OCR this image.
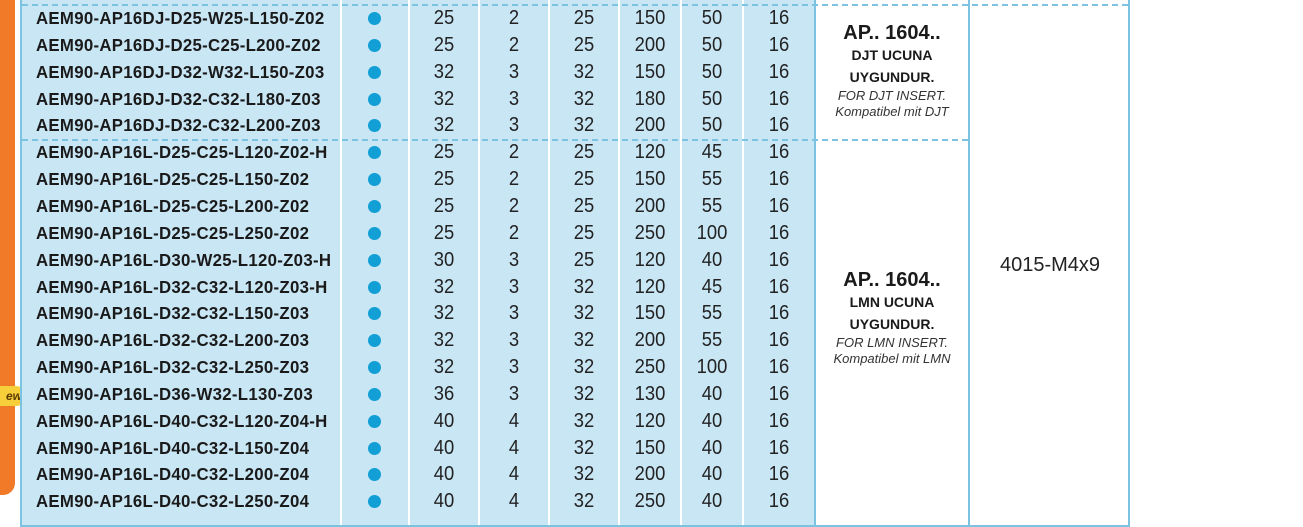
ew
AEM90-AP16DJ-D25-W25-L150-Z02	25	2	25	150	50	16
AEM90-AP16DJ-D25-C25-L200-Z02	25	2	25	200	50	16
AEM90-AP16DJ-D32-W32-L150-Z03	32	3	32	150	50	16
AEM90-AP16DJ-D32-C32-L180-Z03	32	3	32	180	50	16
AEM90-AP16DJ-D32-C32-L200-Z03	32	3	32	200	50	16
AEM90-AP16L-D25-C25-L120-Z02-H	25	2	25	120	45	16
AEM90-AP16L-D25-C25-L150-Z02	25	2	25	150	55	16
AEM90-AP16L-D25-C25-L200-Z02	25	2	25	200	55	16
AEM90-AP16L-D25-C25-L250-Z02	25	2	25	250	100	16
AEM90-AP16L-D30-W25-L120-Z03-H	30	3	25	120	40	16
AEM90-AP16L-D32-C32-L120-Z03-H	32	3	32	120	45	16
AEM90-AP16L-D32-C32-L150-Z03	32	3	32	150	55	16
AEM90-AP16L-D32-C32-L200-Z03	32	3	32	200	55	16
AEM90-AP16L-D32-C32-L250-Z03	32	3	32	250	100	16
AEM90-AP16L-D36-W32-L130-Z03	36	3	32	130	40	16
AEM90-AP16L-D40-C32-L120-Z04-H	40	4	32	120	40	16
AEM90-AP16L-D40-C32-L150-Z04	40	4	32	150	40	16
AEM90-AP16L-D40-C32-L200-Z04	40	4	32	200	40	16
AEM90-AP16L-D40-C32-L250-Z04	40	4	32	250	40	16
AP.. 1604..
DJT UCUNA
UYGUNDUR.
FOR DJT INSERT.
Kompatibel mit DJT
AP.. 1604..
LMN UCUNA
UYGUNDUR.
FOR LMN INSERT.
Kompatibel mit LMN
4015-M4x9
